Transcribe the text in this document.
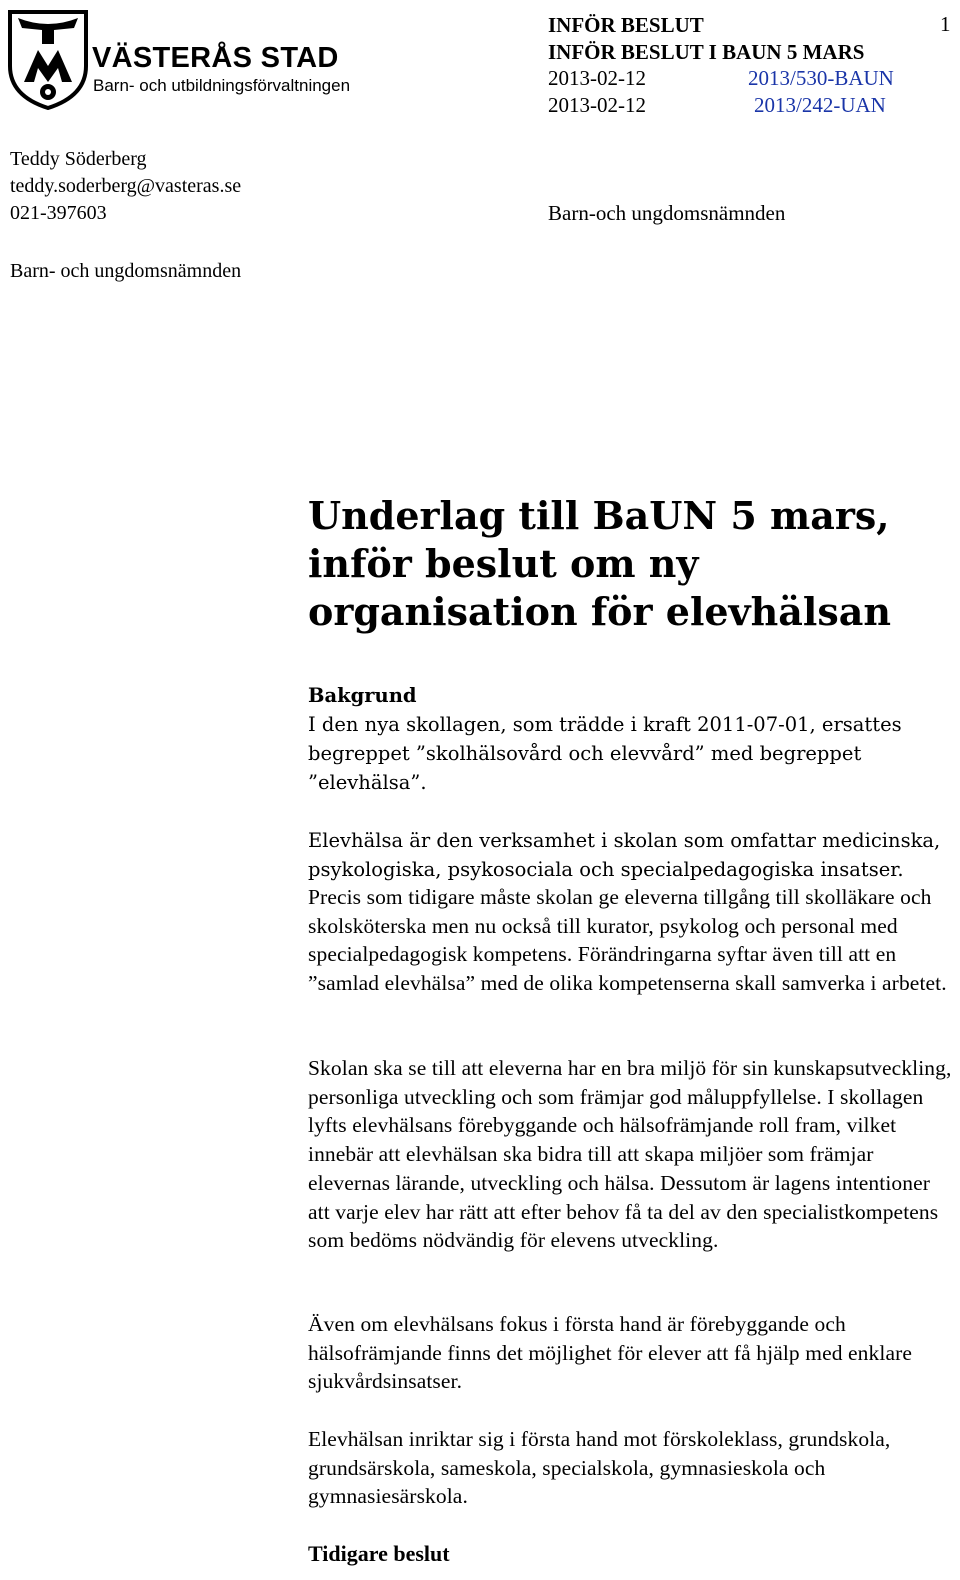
VÄSTERÅS STAD
Barn- och utbildningsförvaltningen
1
INFÖR BESLUT
INFÖR BESLUT I BAUN 5 MARS
2013-02-12	2013/530-BAUN
2013-02-12	2013/242-UAN
Barn-och ungdomsnämnden
Teddy Söderberg
teddy.soderberg@vasteras.se
021-397603
Barn- och ungdomsnämnden
Underlag till BaUN 5 mars, inför beslut om ny organisation för elevhälsan

Bakgrund

I den nya skollagen, som trädde i kraft 2011-07-01, ersattes begreppet ”skolhälsovård och elevvård” med begreppet ”elevhälsa”.

Elevhälsa är den verksamhet i skolan som omfattar medicinska, psykologiska, psykosociala och specialpedagogiska insatser.

Precis som tidigare måste skolan ge eleverna tillgång till skolläkare och skolsköterska men nu också till kurator, psykolog och personal med specialpedagogisk kompetens. Förändringarna syftar även till att en ”samlad elevhälsa” med de olika kompetenserna skall samverka i arbetet.

Skolan ska se till att eleverna har en bra miljö för sin kunskapsutveckling, personliga utveckling och som främjar god måluppfyllelse. I skollagen lyfts elevhälsans förebyggande och hälsofrämjande roll fram, vilket innebär att elevhälsan ska bidra till att skapa miljöer som främjar elevernas lärande, utveckling och hälsa. Dessutom är lagens intentioner att varje elev har rätt att efter behov få ta del av den specialistkompetens som bedöms nödvändig för elevens utveckling.

Även om elevhälsans fokus i första hand är förebyggande och hälsofrämjande finns det möjlighet för elever att få hjälp med enklare sjukvårdsinsatser.

Elevhälsan inriktar sig i första hand mot förskoleklass, grundskola, grundsärskola, sameskola, specialskola, gymnasieskola och gymnasiesärskola.

Tidigare beslut
